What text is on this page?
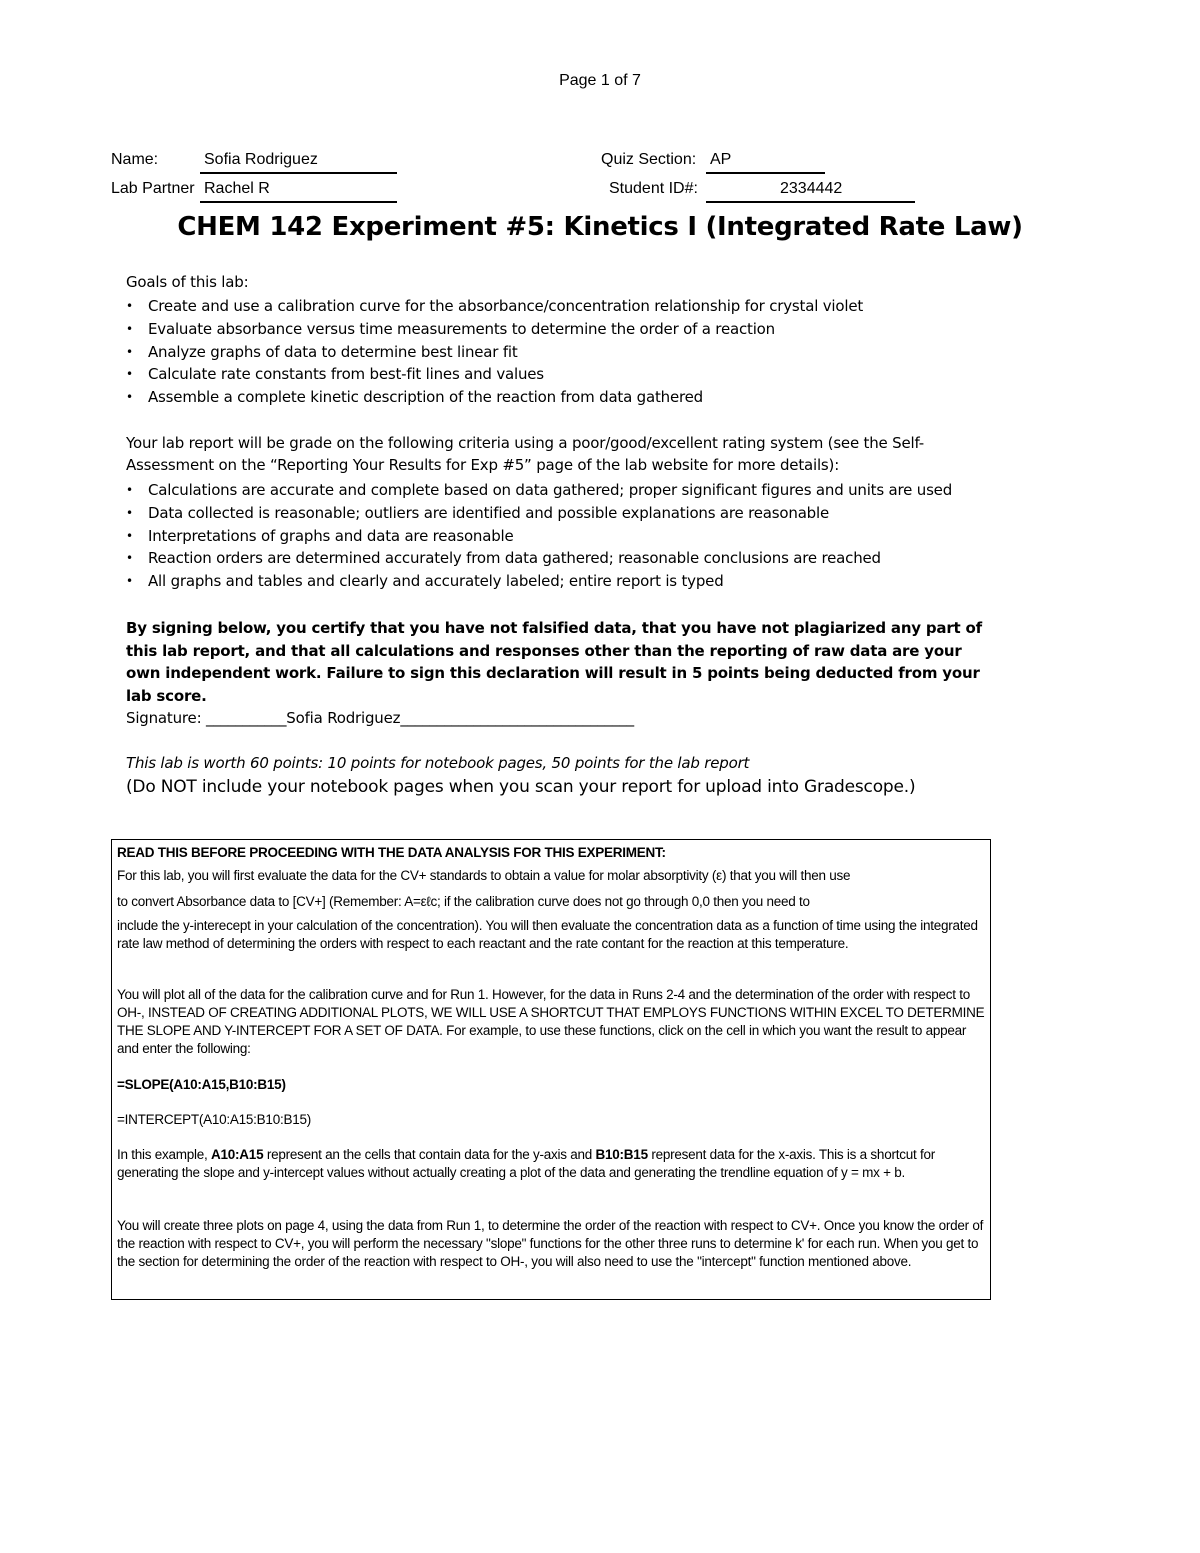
Page 1 of 7
Name:	Sofia Rodriguez
Lab Partner Rachel R
Quiz Section: AP
Student ID#:	2334442
CHEM 142 Experiment #5: Kinetics I (Integrated Rate Law)
Goals of this lab:
• Create and use a calibration curve for the absorbance/concentration relationship for crystal violet
• Evaluate absorbance versus time measurements to determine the order of a reaction
• Analyze graphs of data to determine best linear fit
• Calculate rate constants from best-fit lines and values
• Assemble a complete kinetic description of the reaction from data gathered
Your lab report will be grade on the following criteria using a poor/good/excellent rating system (see the Self-
Assessment on the “Reporting Your Results for Exp #5” page of the lab website for more details):
• Calculations are accurate and complete based on data gathered; proper significant figures and units are used
• Data collected is reasonable; outliers are identified and possible explanations are reasonable
• Interpretations of graphs and data are reasonable
• Reaction orders are determined accurately from data gathered; reasonable conclusions are reached
• All graphs and tables and clearly and accurately labeled; entire report is typed
By signing below, you certify that you have not falsified data, that you have not plagiarized any part of this lab report, and that all calculations and responses other than the reporting of raw data are your own independent work. Failure to sign this declaration will result in 5 points being deducted from your lab score.
Signature: ___________Sofia Rodriguez________________________________
This lab is worth 60 points: 10 points for notebook pages, 50 points for the lab report
(Do NOT include your notebook pages when you scan your report for upload into Gradescope.)
READ THIS BEFORE PROCEEDING WITH THE DATA ANALYSIS FOR THIS EXPERIMENT:
For this lab, you will first evaluate the data for the CV+ standards to obtain a value for molar absorptivity (ε) that you will then use
to convert Absorbance data to [CV+] (Remember: A=εℓc; if the calibration curve does not go through 0,0 then you need to
include the y-interecept in your calculation of the concentration). You will then evaluate the concentration data as a function of time using the integrated rate law method of determining the orders with respect to each reactant and the rate contant for the reaction at this temperature.
You will plot all of the data for the calibration curve and for Run 1. However, for the data in Runs 2-4 and the determination of the order with respect to OH-, INSTEAD OF CREATING ADDITIONAL PLOTS, WE WILL USE A SHORTCUT THAT EMPLOYS FUNCTIONS WITHIN EXCEL TO DETERMINE THE SLOPE AND Y-INTERCEPT FOR A SET OF DATA. For example, to use these functions, click on the cell in which you want the result to appear and enter the following:
=SLOPE(A10:A15,B10:B15)
=INTERCEPT(A10:A15:B10:B15)
In this example, A10:A15 represent an the cells that contain data for the y-axis and B10:B15 represent data for the x-axis. This is a shortcut for generating the slope and y-intercept values without actually creating a plot of the data and generating the trendline equation of y = mx + b.
You will create three plots on page 4, using the data from Run 1, to determine the order of the reaction with respect to CV+. Once you know the order of the reaction with respect to CV+, you will perform the necessary "slope" functions for the other three runs to determine k' for each run. When you get to the section for determining the order of the reaction with respect to OH-, you will also need to use the "intercept" function mentioned above.
